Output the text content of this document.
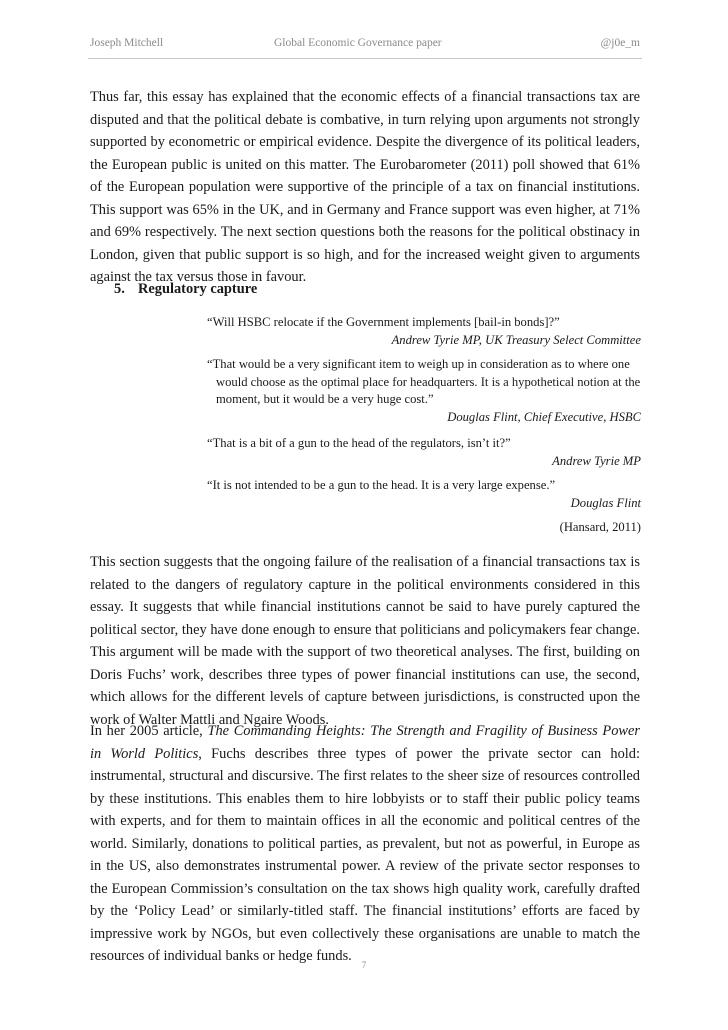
Joseph Mitchell	Global Economic Governance paper	@j0e_m

Thus far, this essay has explained that the economic effects of a financial transactions tax are disputed and that the political debate is combative, in turn relying upon arguments not strongly supported by econometric or empirical evidence. Despite the divergence of its political leaders, the European public is united on this matter. The Eurobarometer (2011) poll showed that 61% of the European population were supportive of the principle of a tax on financial institutions. This support was 65% in the UK, and in Germany and France support was even higher, at 71% and 69% respectively. The next section questions both the reasons for the political obstinacy in London, given that public support is so high, and for the increased weight given to arguments against the tax versus those in favour.

5. Regulatory capture
“Will HSBC relocate if the Government implements [bail-in bonds]?”
Andrew Tyrie MP, UK Treasury Select Committee
“That would be a very significant item to weigh up in consideration as to where one would choose as the optimal place for headquarters. It is a hypothetical notion at the moment, but it would be a very huge cost.”
Douglas Flint, Chief Executive, HSBC
“That is a bit of a gun to the head of the regulators, isn’t it?”
Andrew Tyrie MP
“It is not intended to be a gun to the head. It is a very large expense.”
Douglas Flint
(Hansard, 2011)

This section suggests that the ongoing failure of the realisation of a financial transactions tax is related to the dangers of regulatory capture in the political environments considered in this essay. It suggests that while financial institutions cannot be said to have purely captured the political sector, they have done enough to ensure that politicians and policymakers fear change. This argument will be made with the support of two theoretical analyses. The first, building on Doris Fuchs’ work, describes three types of power financial institutions can use, the second, which allows for the different levels of capture between jurisdictions, is constructed upon the work of Walter Mattli and Ngaire Woods.

In her 2005 article, The Commanding Heights: The Strength and Fragility of Business Power in World Politics, Fuchs describes three types of power the private sector can hold: instrumental, structural and discursive. The first relates to the sheer size of resources controlled by these institutions. This enables them to hire lobbyists or to staff their public policy teams with experts, and for them to maintain offices in all the economic and political centres of the world. Similarly, donations to political parties, as prevalent, but not as powerful, in Europe as in the US, also demonstrates instrumental power. A review of the private sector responses to the European Commission’s consultation on the tax shows high quality work, carefully drafted by the ‘Policy Lead’ or similarly-titled staff. The financial institutions’ efforts are faced by impressive work by NGOs, but even collectively these organisations are unable to match the resources of individual banks or hedge funds.

7
